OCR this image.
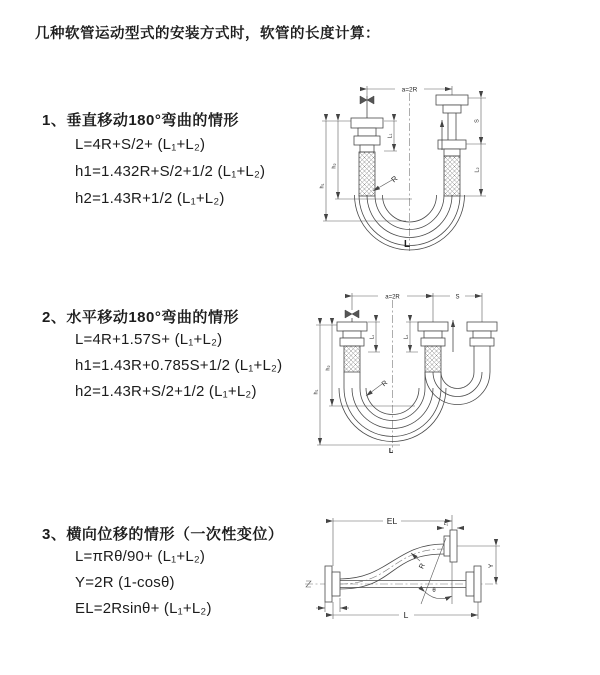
几种软管运动型式的安装方式时，软管的长度计算：
1、垂直移动180°弯曲的情形
L=4R+S/2+ (L₁+L₂)
h1=1.432R+S/2+1/2 (L₁+L₂)
h2=1.43R+1/2 (L₁+L₂)
2、水平移动180°弯曲的情形
L=4R+1.57S+ (L₁+L₂)
h1=1.43R+0.785S+1/2 (L₁+L₂)
h2=1.43R+S/2+1/2 (L₁+L₂)
3、横向位移的情形（一次性变位）
L=πRθ/90+ (L₁+L₂)
Y=2R (1-cosθ)
EL=2Rsinθ+ (L₁+L₂)
a=2R
L₁
S
L₂
h₂
h₁
R
L
a=2R	S
L₁	L₂
h₂
h₁
R
L
EL	L₁
Y
R
θ
L
